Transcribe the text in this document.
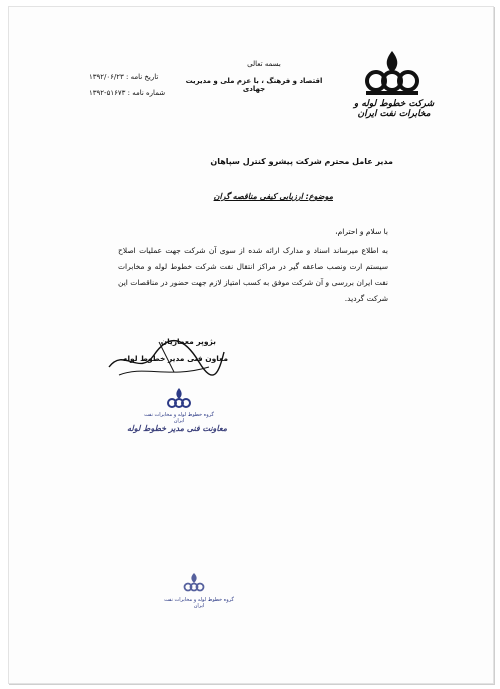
شرکت خطوط لوله و مخابرات نفت ایران
بسمه تعالی
اقتصاد و فرهنگ ، با عزم ملی و مدیریت جهادی
تاریخ نامه : ۱۳۹۲/۰۶/۲۳
شماره نامه : ۵۱۶۷۳-۱۳۹۲
مدیر عامل محترم شرکت پیشرو کنترل سپاهان
موضوع: ارزیابی کیفی مناقصه گران
با سلام و احترام،
به اطلاع میرساند اسناد و مدارک ارائه شده از سوی آن شرکت جهت عملیات اصلاح سیستم ارت ونصب صاعقه گیر در مراکز انتقال نفت شرکت خطوط لوله و مخابرات نفت ایران بررسی و آن شرکت موفق به کسب امتیاز لازم جهت حضور در مناقصات این شرکت گردید.
بژوپر معماریان
معاون فنی مدیر خطوط لوله
گروه خطوط لوله و مخابرات نفت ایران
معاونت فنی مدیر خطوط لوله
گروه خطوط لوله و مخابرات نفت ایران
